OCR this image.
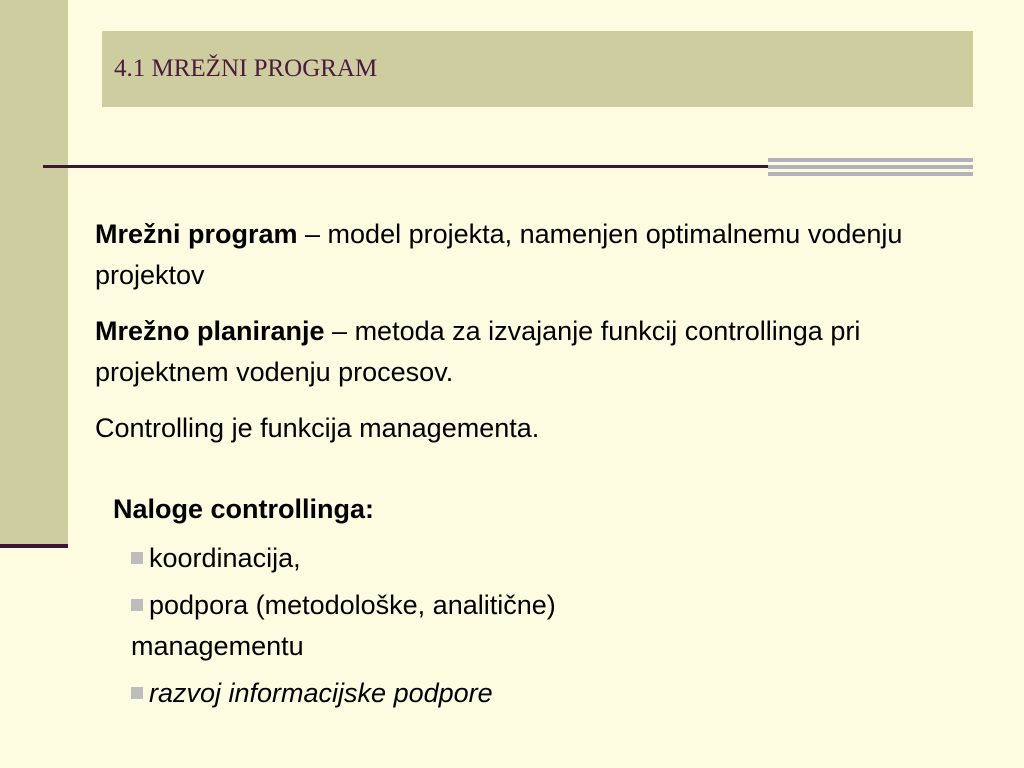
4.1 MREŽNI PROGRAM

Mrežni program – model projekta, namenjen optimalnemu vodenju projektov

Mrežno planiranje – metoda za izvajanje funkcij controllinga pri projektnem vodenju procesov.

Controlling je funkcija managementa.

Naloge controllinga:
koordinacija,
podpora (metodološke, analitične) managementu
razvoj informacijske podpore
